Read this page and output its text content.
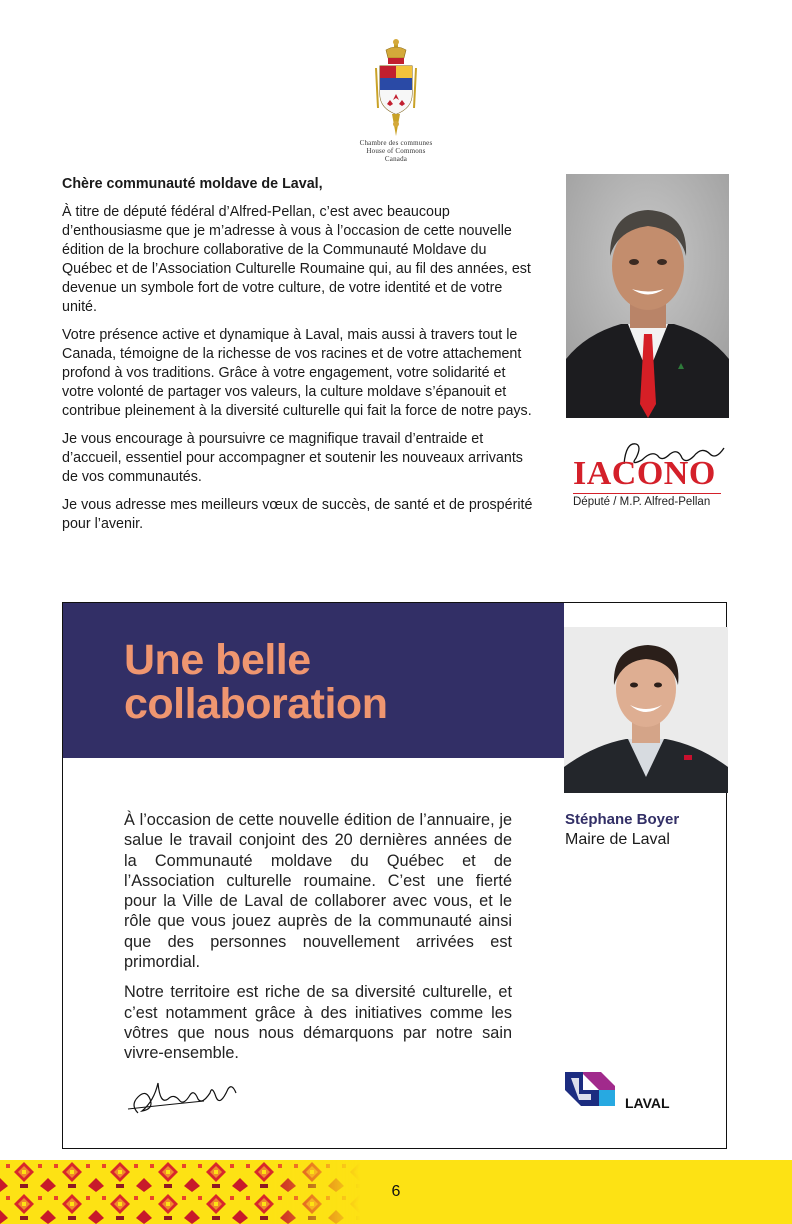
Chambre des communes
House of Commons
Canada
Chère communauté moldave de Laval,

À titre de député fédéral d’Alfred-Pellan, c’est avec beaucoup d’enthousiasme que je m’adresse à vous à l’occasion de cette nouvelle édition de la brochure collaborative de la Communauté Moldave du Québec et de l’Association Culturelle Roumaine qui, au fil des années, est devenue un symbole fort de votre culture, de votre identité et de votre unité.

Votre présence active et dynamique à Laval, mais aussi à travers tout le Canada, témoigne de la richesse de vos racines et de votre attachement profond à vos traditions. Grâce à votre engagement, votre solidarité et votre volonté de partager vos valeurs, la culture moldave s’épanouit et contribue pleinement à la diversité culturelle qui fait la force de notre pays.

Je vous encourage à poursuivre ce magnifique travail d’entraide et d’accueil, essentiel pour accompagner et soutenir les nouveaux arrivants de vos communautés.

Je vous adresse mes meilleurs vœux de succès, de santé et de prospérité pour l’avenir.

IACONO
Député / M.P. Alfred-Pellan
Une belle
collaboration
Stéphane Boyer
Maire de Laval

À l’occasion de cette nouvelle édition de l’annuaire, je salue le travail conjoint des 20 dernières années de la Communauté moldave du Québec et de l’Association culturelle roumaine. C’est une fierté pour la Ville de Laval de collaborer avec vous, et le rôle que vous jouez auprès de la communauté ainsi que des personnes nouvellement arrivées est primordial.

Notre territoire est riche de sa diversité culturelle, et c’est notamment grâce à des initiatives comme les vôtres que nous nous démarquons par notre sain vivre-ensemble.

LAVAL
6
